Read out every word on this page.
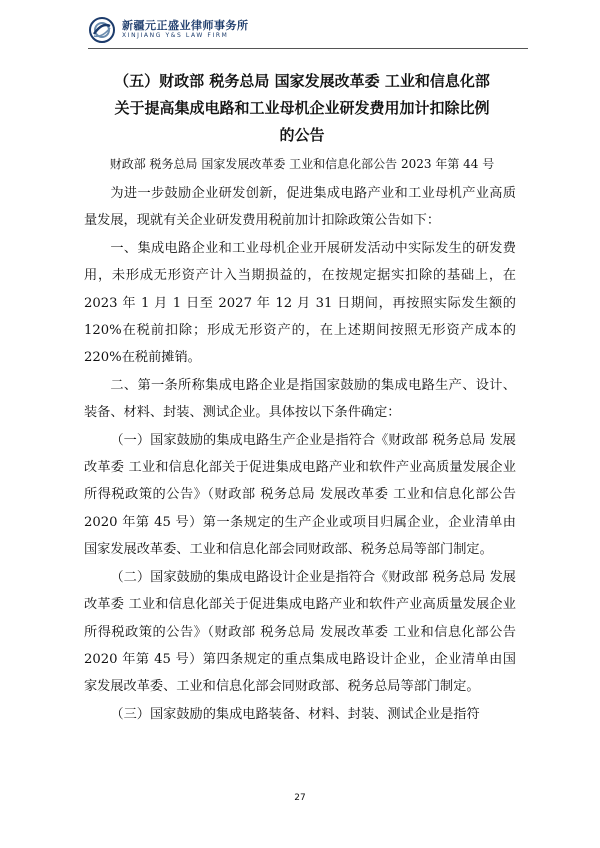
新疆元正盛业律师事务所
XINJIANG Y&S LAW FIRM
（五）财政部 税务总局 国家发展改革委 工业和信息化部
关于提高集成电路和工业母机企业研发费用加计扣除比例
的公告
财政部 税务总局 国家发展改革委 工业和信息化部公告 2023 年第 44 号

为进一步鼓励企业研发创新，促进集成电路产业和工业母机产业高质量发展，现就有关企业研发费用税前加计扣除政策公告如下：

一、集成电路企业和工业母机企业开展研发活动中实际发生的研发费用，未形成无形资产计入当期损益的，在按规定据实扣除的基础上，在 2023 年 1 月 1 日至 2027 年 12 月 31 日期间，再按照实际发生额的 120%在税前扣除；形成无形资产的，在上述期间按照无形资产成本的 220%在税前摊销。

二、第一条所称集成电路企业是指国家鼓励的集成电路生产、设计、装备、材料、封装、测试企业。具体按以下条件确定：

（一）国家鼓励的集成电路生产企业是指符合《财政部 税务总局 发展改革委 工业和信息化部关于促进集成电路产业和软件产业高质量发展企业所得税政策的公告》（财政部 税务总局 发展改革委 工业和信息化部公告 2020 年第 45 号）第一条规定的生产企业或项目归属企业，企业清单由国家发展改革委、工业和信息化部会同财政部、税务总局等部门制定。

（二）国家鼓励的集成电路设计企业是指符合《财政部 税务总局 发展改革委 工业和信息化部关于促进集成电路产业和软件产业高质量发展企业所得税政策的公告》（财政部 税务总局 发展改革委 工业和信息化部公告 2020 年第 45 号）第四条规定的重点集成电路设计企业，企业清单由国家发展改革委、工业和信息化部会同财政部、税务总局等部门制定。

（三）国家鼓励的集成电路装备、材料、封装、测试企业是指符

27
